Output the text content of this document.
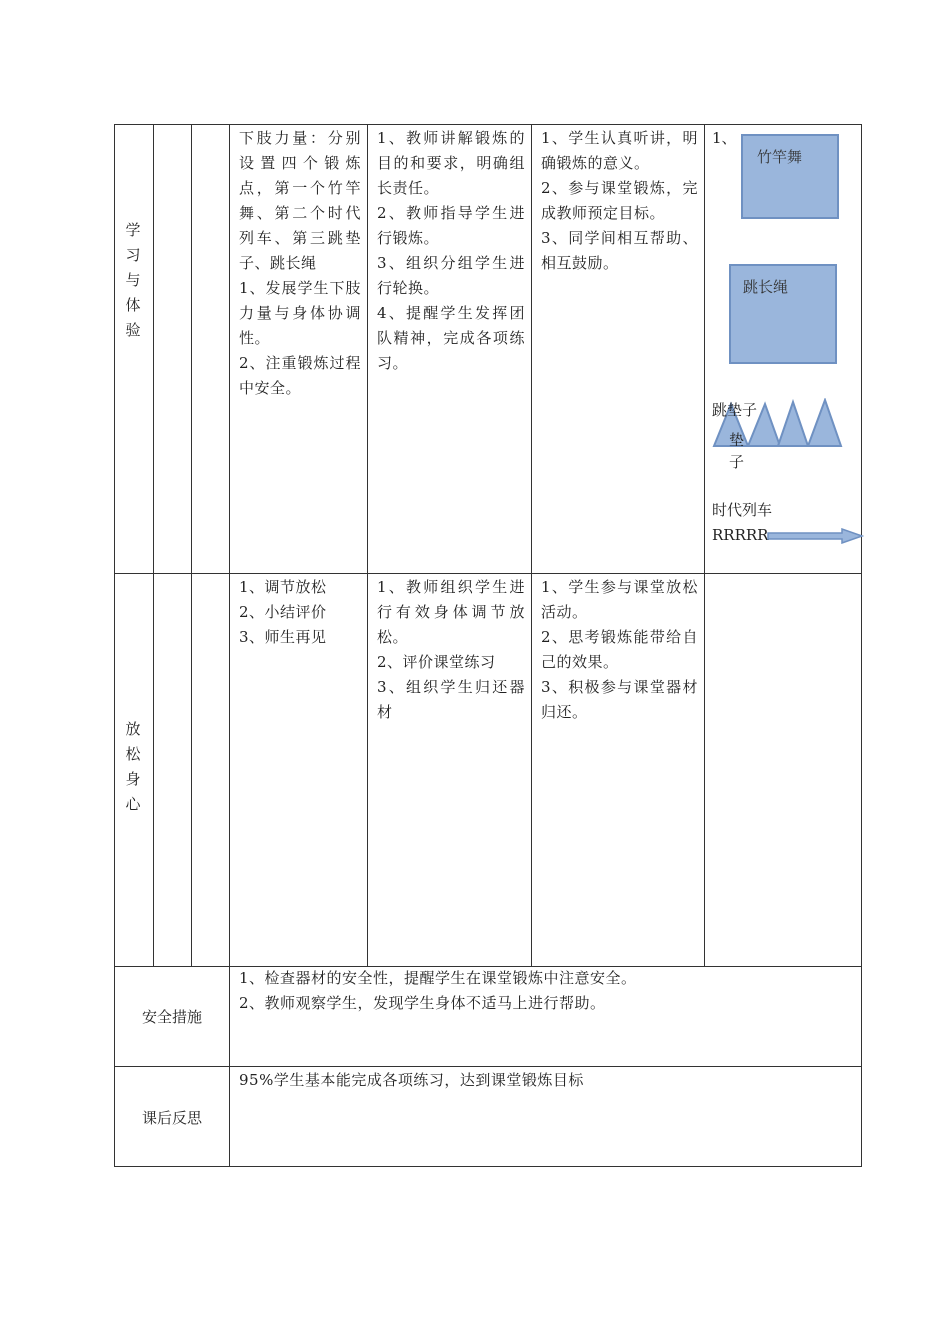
学
习
与
体
验

下肢力量：分别设置四个锻炼点，第一个竹竿舞、第二个时代列车、第三跳垫子、跳长绳

1、发展学生下肢力量与身体协调性。

2、注重锻炼过程中安全。

1、教师讲解锻炼的目的和要求，明确组长责任。

2、教师指导学生进行锻炼。

3、组织分组学生进行轮换。

4、提醒学生发挥团队精神，完成各项练习。

1、学生认真听讲，明确锻炼的意义。

2、参与课堂锻炼，完成教师预定目标。

3、同学间相互帮助、相互鼓励。

1、
竹竿舞
跳长绳
跳垫子
垫
子
时代列车
RRRRR
放
松
身
心

1、调节放松

2、小结评价

3、师生再见

1、教师组织学生进行有效身体调节放松。

2、评价课堂练习

3、组织学生归还器材

1、学生参与课堂放松活动。

2、思考锻炼能带给自己的效果。

3、积极参与课堂器材归还。

安全措施

1、检查器材的安全性，提醒学生在课堂锻炼中注意安全。

2、教师观察学生，发现学生身体不适马上进行帮助。

课后反思
95%学生基本能完成各项练习，达到课堂锻炼目标
